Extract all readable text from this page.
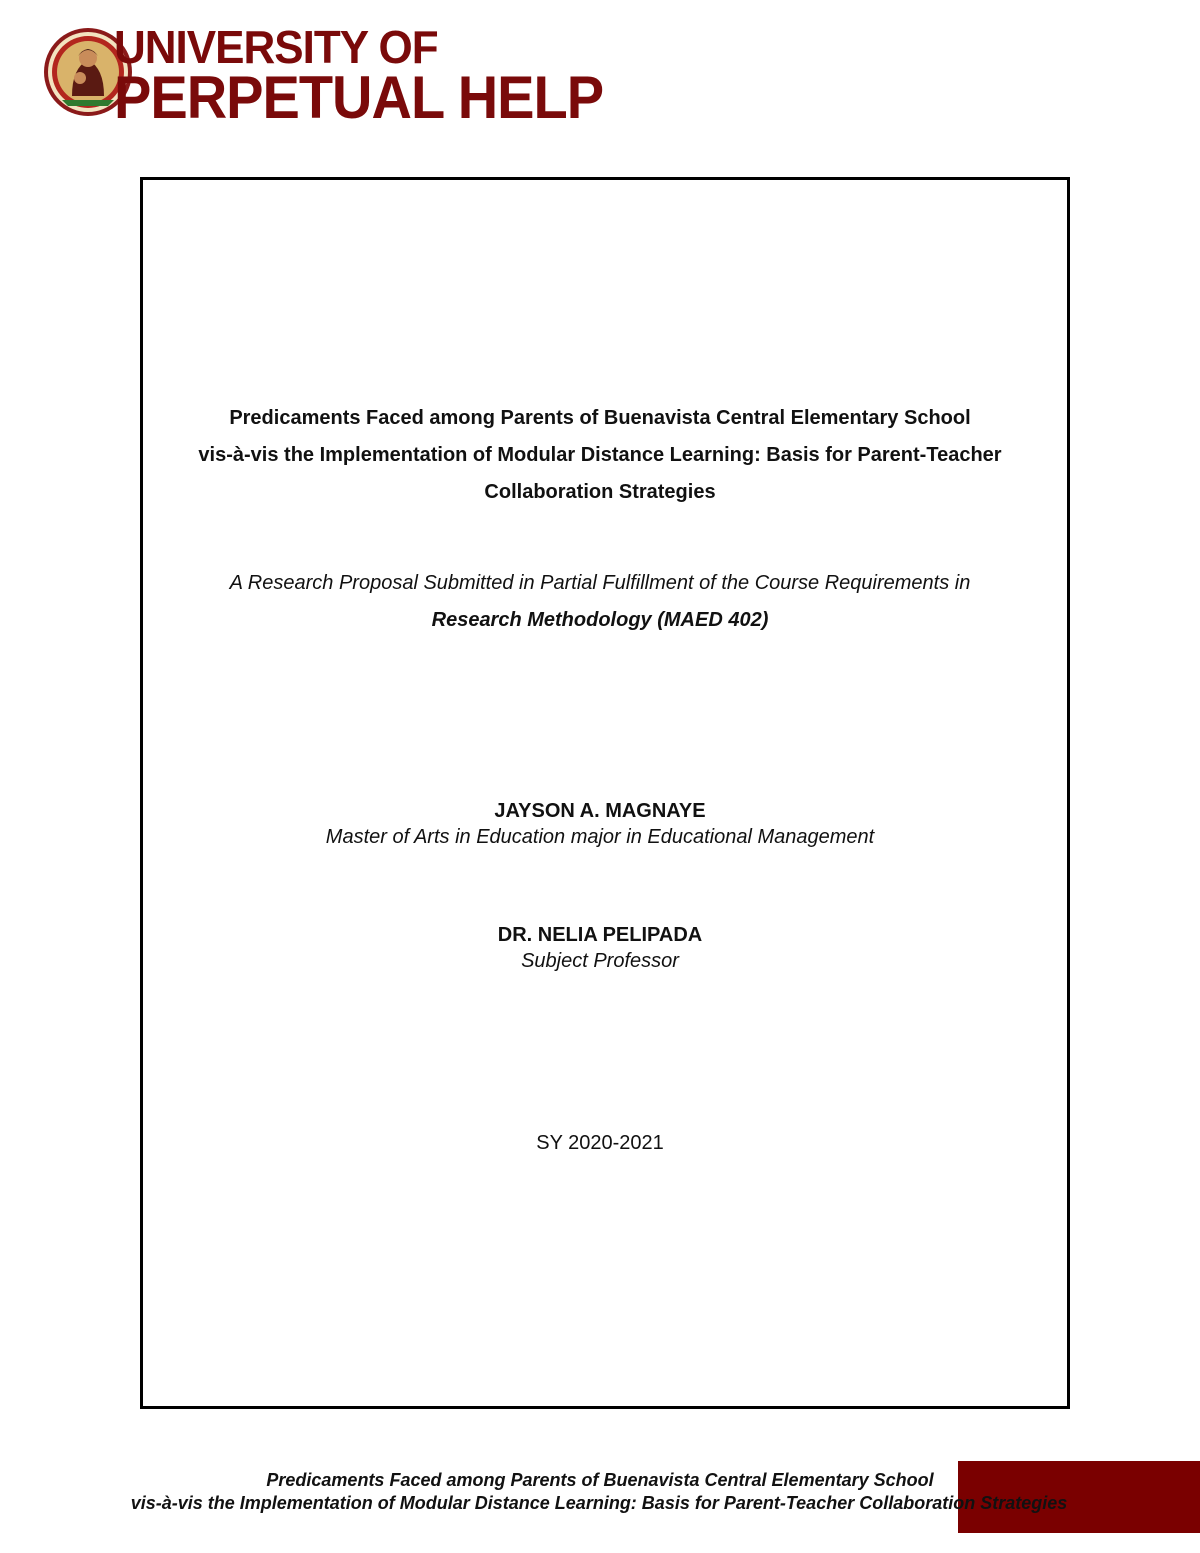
UNIVERSITY OF
PERPETUAL HELP
Predicaments Faced among Parents of Buenavista Central Elementary School
vis-à-vis the Implementation of Modular Distance Learning: Basis for Parent-Teacher
Collaboration Strategies
A Research Proposal Submitted in Partial Fulfillment of the Course Requirements in
Research Methodology (MAED 402)
JAYSON A. MAGNAYE
Master of Arts in Education major in Educational Management
DR. NELIA PELIPADA
Subject Professor
SY 2020-2021
Predicaments Faced among Parents of Buenavista Central Elementary School
vis-à-vis the Implementation of Modular Distance Learning: Basis for Parent-Teacher Collaboration Strategies
